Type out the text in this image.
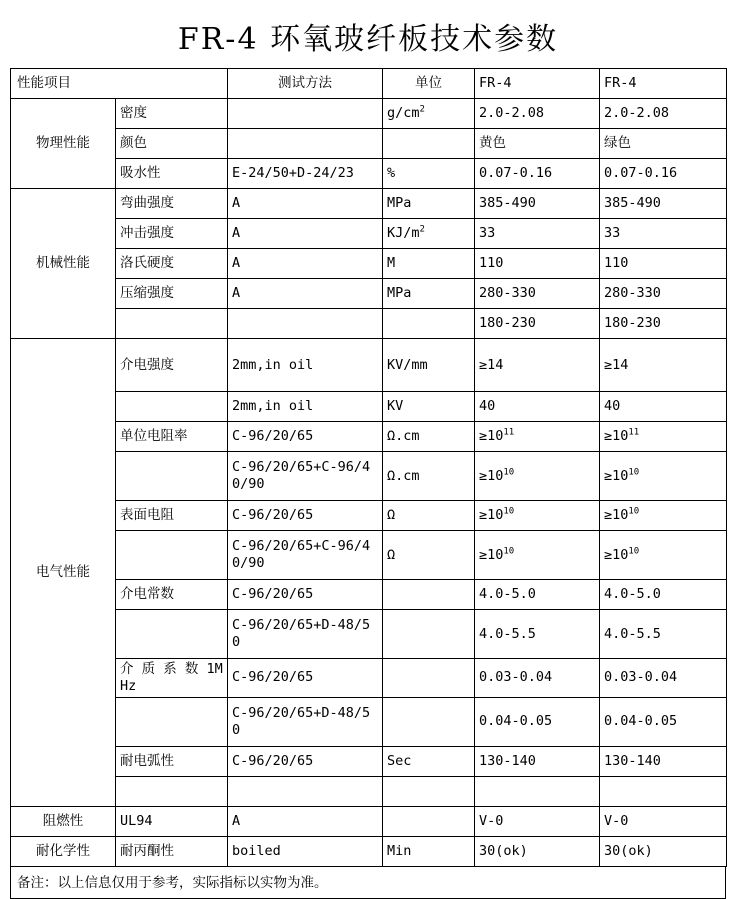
FR-4 环氧玻纤板技术参数
性能项目		测试方法	单位	FR-4	FR-4
物理性能	密度		$g/cm^2$	2.0-2.08	2.0-2.08
	颜色			黄色	绿色
	吸水性	E-24/50+D-24/23	%	0.07-0.16	0.07-0.16
机械性能	弯曲强度	A	MPa	385-490	385-490
	冲击强度	A	$KJ/m^2$	33	33
	洛氏硬度	A	M	110	110
	压缩强度	A	MPa	280-330	280-330
				180-230	180-230
电气性能	介电强度	2mm,in oil	KV/mm	≥14	≥14
		2mm,in oil	KV	40	40
	单位电阻率	C-96/20/65	Ω.cm	$\ge 10^{11}$	$\ge 10^{11}$
		C-96/20/65+C-96/40/90	Ω.cm	$\ge 10^{10}$	$\ge 10^{10}$
	表面电阻	C-96/20/65	Ω	$\ge 10^{10}$	$\ge 10^{10}$
		C-96/20/65+C-96/40/90	Ω	$\ge 10^{10}$	$\ge 10^{10}$
	介电常数	C-96/20/65		4.0-5.0	4.0-5.0
		C-96/20/65+D-48/50		4.0-5.5	4.0-5.5
	介 质 系 数 1MHz	C-96/20/65		0.03-0.04	0.03-0.04
		C-96/20/65+D-48/50		0.04-0.05	0.04-0.05
	耐电弧性	C-96/20/65	Sec	130-140	130-140

阻燃性	UL94	A		V-0	V-0
耐化学性	耐丙酮性	boiled	Min	30(ok)	30(ok)
备注：以上信息仅用于参考，实际指标以实物为准。
